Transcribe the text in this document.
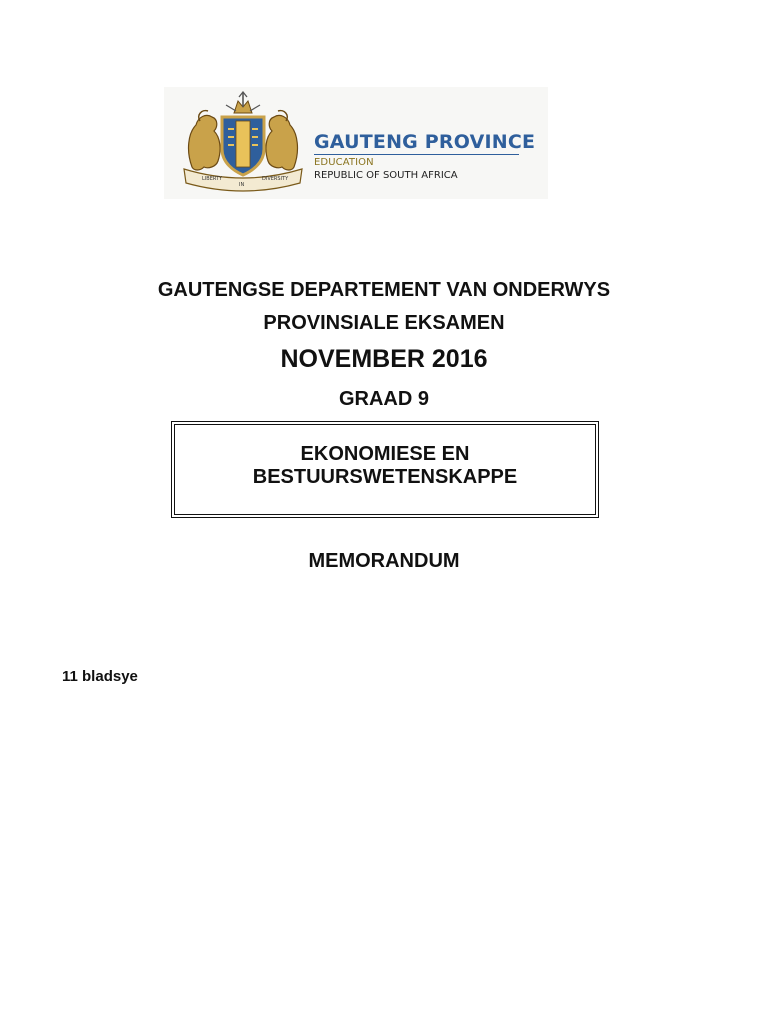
LIBERTY
IN
DIVERSITY
GAUTENG PROVINCE
EDUCATION
REPUBLIC OF SOUTH AFRICA
GAUTENGSE DEPARTEMENT VAN ONDERWYS
PROVINSIALE EKSAMEN
NOVEMBER 2016
GRAAD 9
EKONOMIESE EN
BESTUURSWETENSKAPPE
MEMORANDUM
11 bladsye
